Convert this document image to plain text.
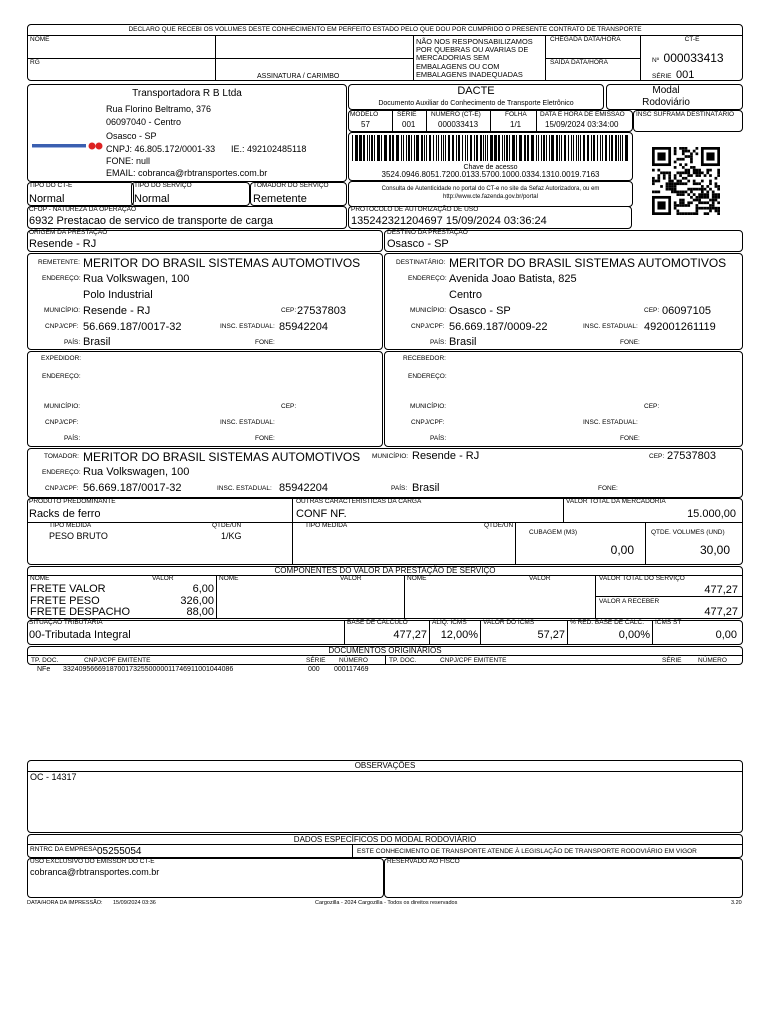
DECLARO QUE RECEBI OS VOLUMES DESTE CONHECIMENTO EM PERFEITO ESTADO PELO QUE DOU POR CUMPRIDO O PRESENTE CONTRATO DE TRANSPORTE
NOME
RG
ASSINATURA / CARIMBO
NÃO NOS RESPONSABILIZAMOS
POR QUEBRAS OU AVARIAS DE
MERCADORIAS SEM
EMBALAGENS OU COM
EMBALAGENS INADEQUADAS
CHEGADA DATA/HORA
SAÍDA DATA/HORA
CT-E
Nº 000033413
SÉRIE 001
Transportadora R B Ltda
Rua Florino Beltramo, 376
06097040 - Centro
Osasco - SP
CNPJ: 46.805.172/0001-33 IE.: 492102485118
FONE: null
EMAIL: cobranca@rbtransportes.com.br
DACTE
Documento Auxiliar do Conhecimento de Transporte Eletrônico
Modal
Rodoviário
MODELO
57
SÉRIE
001
NÚMERO (CT-E)
000033413
FOLHA
1/1
DATA E HORA DE EMISSÃO
15/09/2024 03:34:00
INSC SUFRAMA DESTINATÁRIO
Chave de acesso
3524.0946.8051.7200.0133.5700.1000.0334.1310.0019.7163
Consulta de Autenticidade no portal do CT-e no site da Sefaz Autorizadora, ou em
http://www.cte.fazenda.gov.br/portal
TIPO DO CT-E
Normal
TIPO DO SERVIÇO
Normal
TOMADOR DO SERVIÇO
Remetente
CFOP - NATUREZA DA OPERAÇÃO
6932 Prestacao de servico de transporte de carga
PROTOCOLO DE AUTORIZAÇÃO DE USO
135242321204697 15/09/2024 03:36:24
ORIGEM DA PRESTAÇÃO
Resende - RJ
DESTINO DA PRESTAÇÃO
Osasco - SP
REMETENTE: MERITOR DO BRASIL SISTEMAS AUTOMOTIVOS
ENDEREÇO: Rua Volkswagen, 100
Polo Industrial
MUNICÍPIO: Resende - RJ	CEP: 27537803
CNPJ/CPF: 56.669.187/0017-32	INSC. ESTADUAL: 85942204
PAÍS: Brasil	FONE:
DESTINATÁRIO: MERITOR DO BRASIL SISTEMAS AUTOMOTIVOS
ENDEREÇO: Avenida Joao Batista, 825
Centro
MUNICÍPIO: Osasco - SP	CEP: 06097105
CNPJ/CPF: 56.669.187/0009-22	INSC. ESTADUAL: 492001261119
PAÍS: Brasil	FONE:
EXPEDIDOR:
ENDEREÇO:
MUNICÍPIO:	CEP:
CNPJ/CPF:	INSC. ESTADUAL:
PAÍS:	FONE:
RECEBEDOR:
ENDEREÇO:
MUNICÍPIO:	CEP:
CNPJ/CPF:	INSC. ESTADUAL:
PAÍS:	FONE:
TOMADOR: MERITOR DO BRASIL SISTEMAS AUTOMOTIVOS MUNICÍPIO: Resende - RJ	CEP: 27537803
ENDEREÇO: Rua Volkswagen, 100
CNPJ/CPF: 56.669.187/0017-32	INSC. ESTADUAL: 85942204	PAÍS: Brasil	FONE:
PRODUTO PREDOMINANTE
Racks de ferro
OUTRAS CARACTERÍSTICAS DA CARGA
CONF NF.
VALOR TOTAL DA MERCADORIA
15.000,00
TIPO MEDIDA
PESO BRUTO
QTDE/UN
1/KG
TIPO MEDIDA	QTDE/UN
CUBAGEM (M3)
0,00
QTDE. VOLUMES (UND)
30,00
COMPONENTES DO VALOR DA PRESTAÇÃO DE SERVIÇO
NOME	VALOR	NOME	VALOR	NOME	VALOR
FRETE VALOR	6,00
FRETE PESO	326,00
FRETE DESPACHO	88,00
VALOR TOTAL DO SERVIÇO
477,27
VALOR A RECEBER
477,27
SITUAÇÃO TRIBUTÁRIA
00-Tributada Integral
BASE DE CÁLCULO
477,27
ALÍQ. ICMS
12,00%
VALOR DO ICMS
57,27
% RED. BASE DE CALC.
0,00%
ICMS ST
0,00
DOCUMENTOS ORIGINÁRIOS
TP. DOC.	CNPJ/CPF EMITENTE	SÉRIE NÚMERO	TP. DOC.	CNPJ/CPF EMITENTE	SÉRIE	NÚMERO
NFe 33240956669187001732550000011746911001044086	000 000117469
OBSERVAÇÕES
OC - 14317
DADOS ESPECÍFICOS DO MODAL RODOVIÁRIO
RNTRC DA EMPRESA:
05255054	ESTE CONHECIMENTO DE TRANSPORTE ATENDE À LEGISLAÇÃO DE TRANSPORTE RODOVIÁRIO EM VIGOR
USO EXCLUSIVO DO EMISSOR DO CT-E
cobranca@rbtransportes.com.br
RESERVADO AO FISCO
DATA/HORA DA IMPRESSÃO: 15/09/2024 03:36	Cargozilla - 2024 Cargozilla - Todos os direitos reservados	3.20
